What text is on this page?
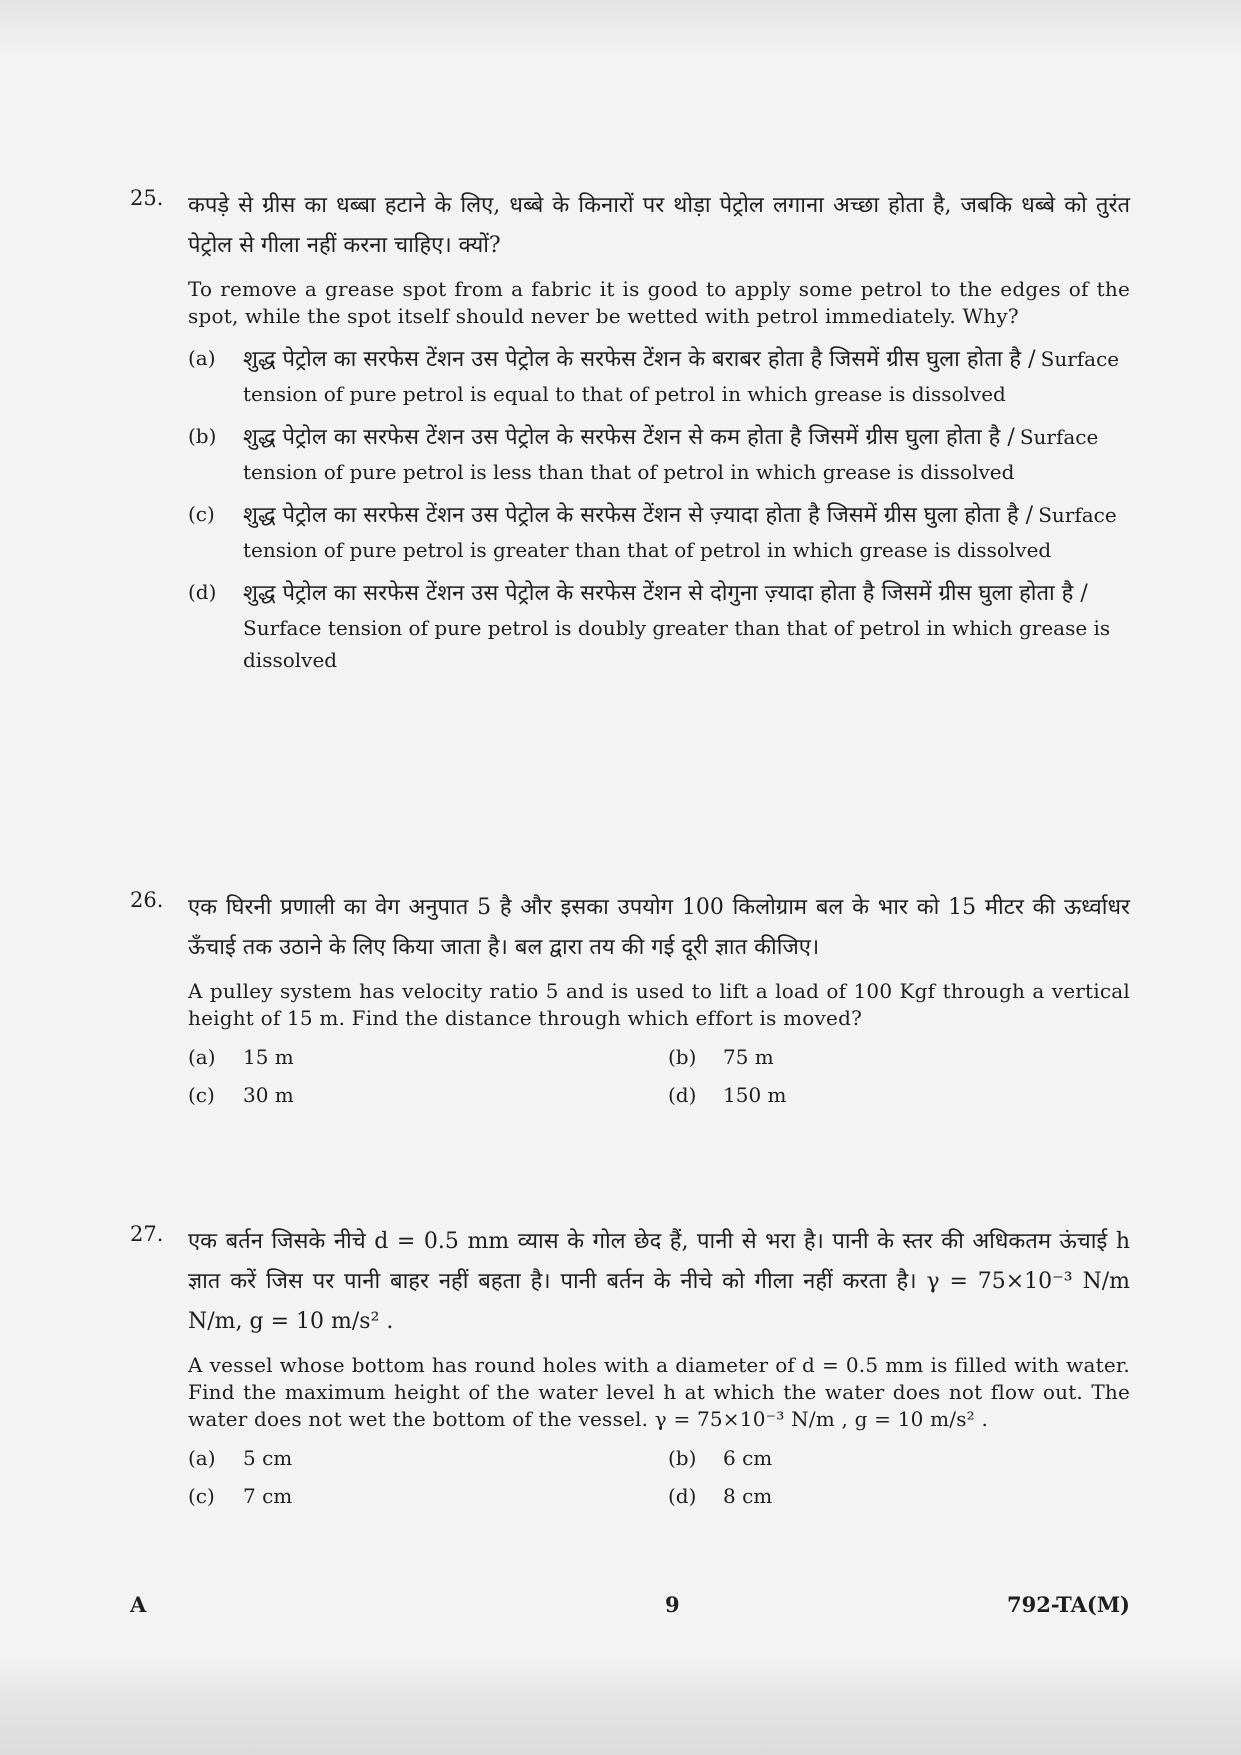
25. कपड़े से ग्रीस का धब्बा हटाने के लिए, धब्बे के किनारों पर थोड़ा पेट्रोल लगाना अच्छा होता है, जबकि धब्बे को तुरंत पेट्रोल से गीला नहीं करना चाहिए। क्यों?

To remove a grease spot from a fabric it is good to apply some petrol to the edges of the spot, while the spot itself should never be wetted with petrol immediately. Why?

(a) शुद्ध पेट्रोल का सरफेस टेंशन उस पेट्रोल के सरफेस टेंशन के बराबर होता है जिसमें ग्रीस घुला होता है / Surface tension of pure petrol is equal to that of petrol in which grease is dissolved
(b) शुद्ध पेट्रोल का सरफेस टेंशन उस पेट्रोल के सरफेस टेंशन से कम होता है जिसमें ग्रीस घुला होता है / Surface tension of pure petrol is less than that of petrol in which grease is dissolved
(c) शुद्ध पेट्रोल का सरफेस टेंशन उस पेट्रोल के सरफेस टेंशन से ज़्यादा होता है जिसमें ग्रीस घुला होता है / Surface tension of pure petrol is greater than that of petrol in which grease is dissolved
(d) शुद्ध पेट्रोल का सरफेस टेंशन उस पेट्रोल के सरफेस टेंशन से दोगुना ज़्यादा होता है जिसमें ग्रीस घुला होता है / Surface tension of pure petrol is doubly greater than that of petrol in which grease is dissolved
26. एक घिरनी प्रणाली का वेग अनुपात 5 है और इसका उपयोग 100 किलोग्राम बल के भार को 15 मीटर की ऊर्ध्वाधर ऊँचाई तक उठाने के लिए किया जाता है। बल द्वारा तय की गई दूरी ज्ञात कीजिए।

A pulley system has velocity ratio 5 and is used to lift a load of 100 Kgf through a vertical height of 15 m. Find the distance through which effort is moved?

(a) 15 m	(b) 75 m
(c) 30 m	(d) 150 m
27. एक बर्तन जिसके नीचे d = 0.5 mm व्यास के गोल छेद हैं, पानी से भरा है। पानी के स्तर की अधिकतम ऊंचाई h ज्ञात करें जिस पर पानी बाहर नहीं बहता है। पानी बर्तन के नीचे को गीला नहीं करता है। γ = 75×10⁻³ N/m N/m, g = 10 m/s² .

A vessel whose bottom has round holes with a diameter of d = 0.5 mm is filled with water. Find the maximum height of the water level h at which the water does not flow out. The water does not wet the bottom of the vessel. γ = 75×10⁻³ N/m , g = 10 m/s² .

(a) 5 cm	(b) 6 cm
(c) 7 cm	(d) 8 cm
A	9	792-TA(M)
